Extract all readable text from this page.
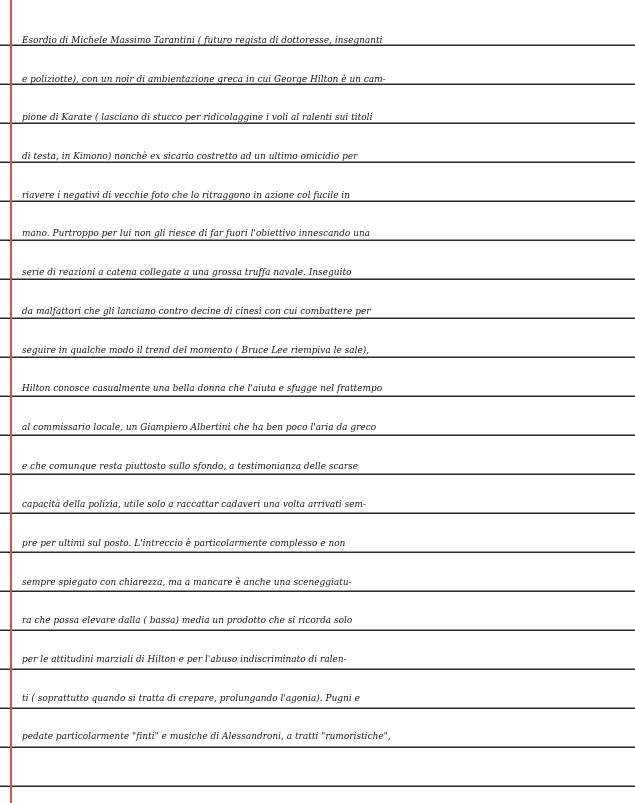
Esordio di Michele Massimo Tarantini ( futuro regista di dottoresse, insegnanti
e poliziotte), con un noir di ambientazione greca in cui George Hilton è un cam-
pione di Karate ( lasciano di stucco per ridicolaggine i voli al ralenti sui titoli
di testa, in Kimono) nonchè ex sicario costretto ad un ultimo omicidio per
riavere i negativi di vecchie foto che lo ritraggono in azione col fucile in
mano. Purtroppo per lui non gli riesce di far fuori l'obiettivo innescando una
serie di reazioni a catena collegate a una grossa truffa navale. Inseguito
da malfattori che gli lanciano contro decine di cinesi con cui combattere per
seguire in qualche modo il trend del momento ( Bruce Lee riempiva le sale),
Hilton conosce casualmente una bella donna che l'aiuta e sfugge nel frattempo
al commissario locale, un Giampiero Albertini che ha ben poco l'aria da greco
e che comunque resta piuttosto sullo sfondo, a testimonianza delle scarse
capacità della polizia, utile solo a raccattar cadaveri una volta arrivati sem-
pre per ultimi sul posto. L'intreccio è particolarmente complesso e non
sempre spiegato con chiarezza, ma a mancare è anche una sceneggiatu-
ra che possa elevare dalla ( bassa) media un prodotto che si ricorda solo
per le attitudini marziali di Hilton e per l'abuso indiscriminato di ralen-
ti ( soprattutto quando si tratta di crepare, prolungando l'agonia). Pugni e
pedate particolarmente "finti" e musiche di Alessandroni, a tratti "rumoristiche",
